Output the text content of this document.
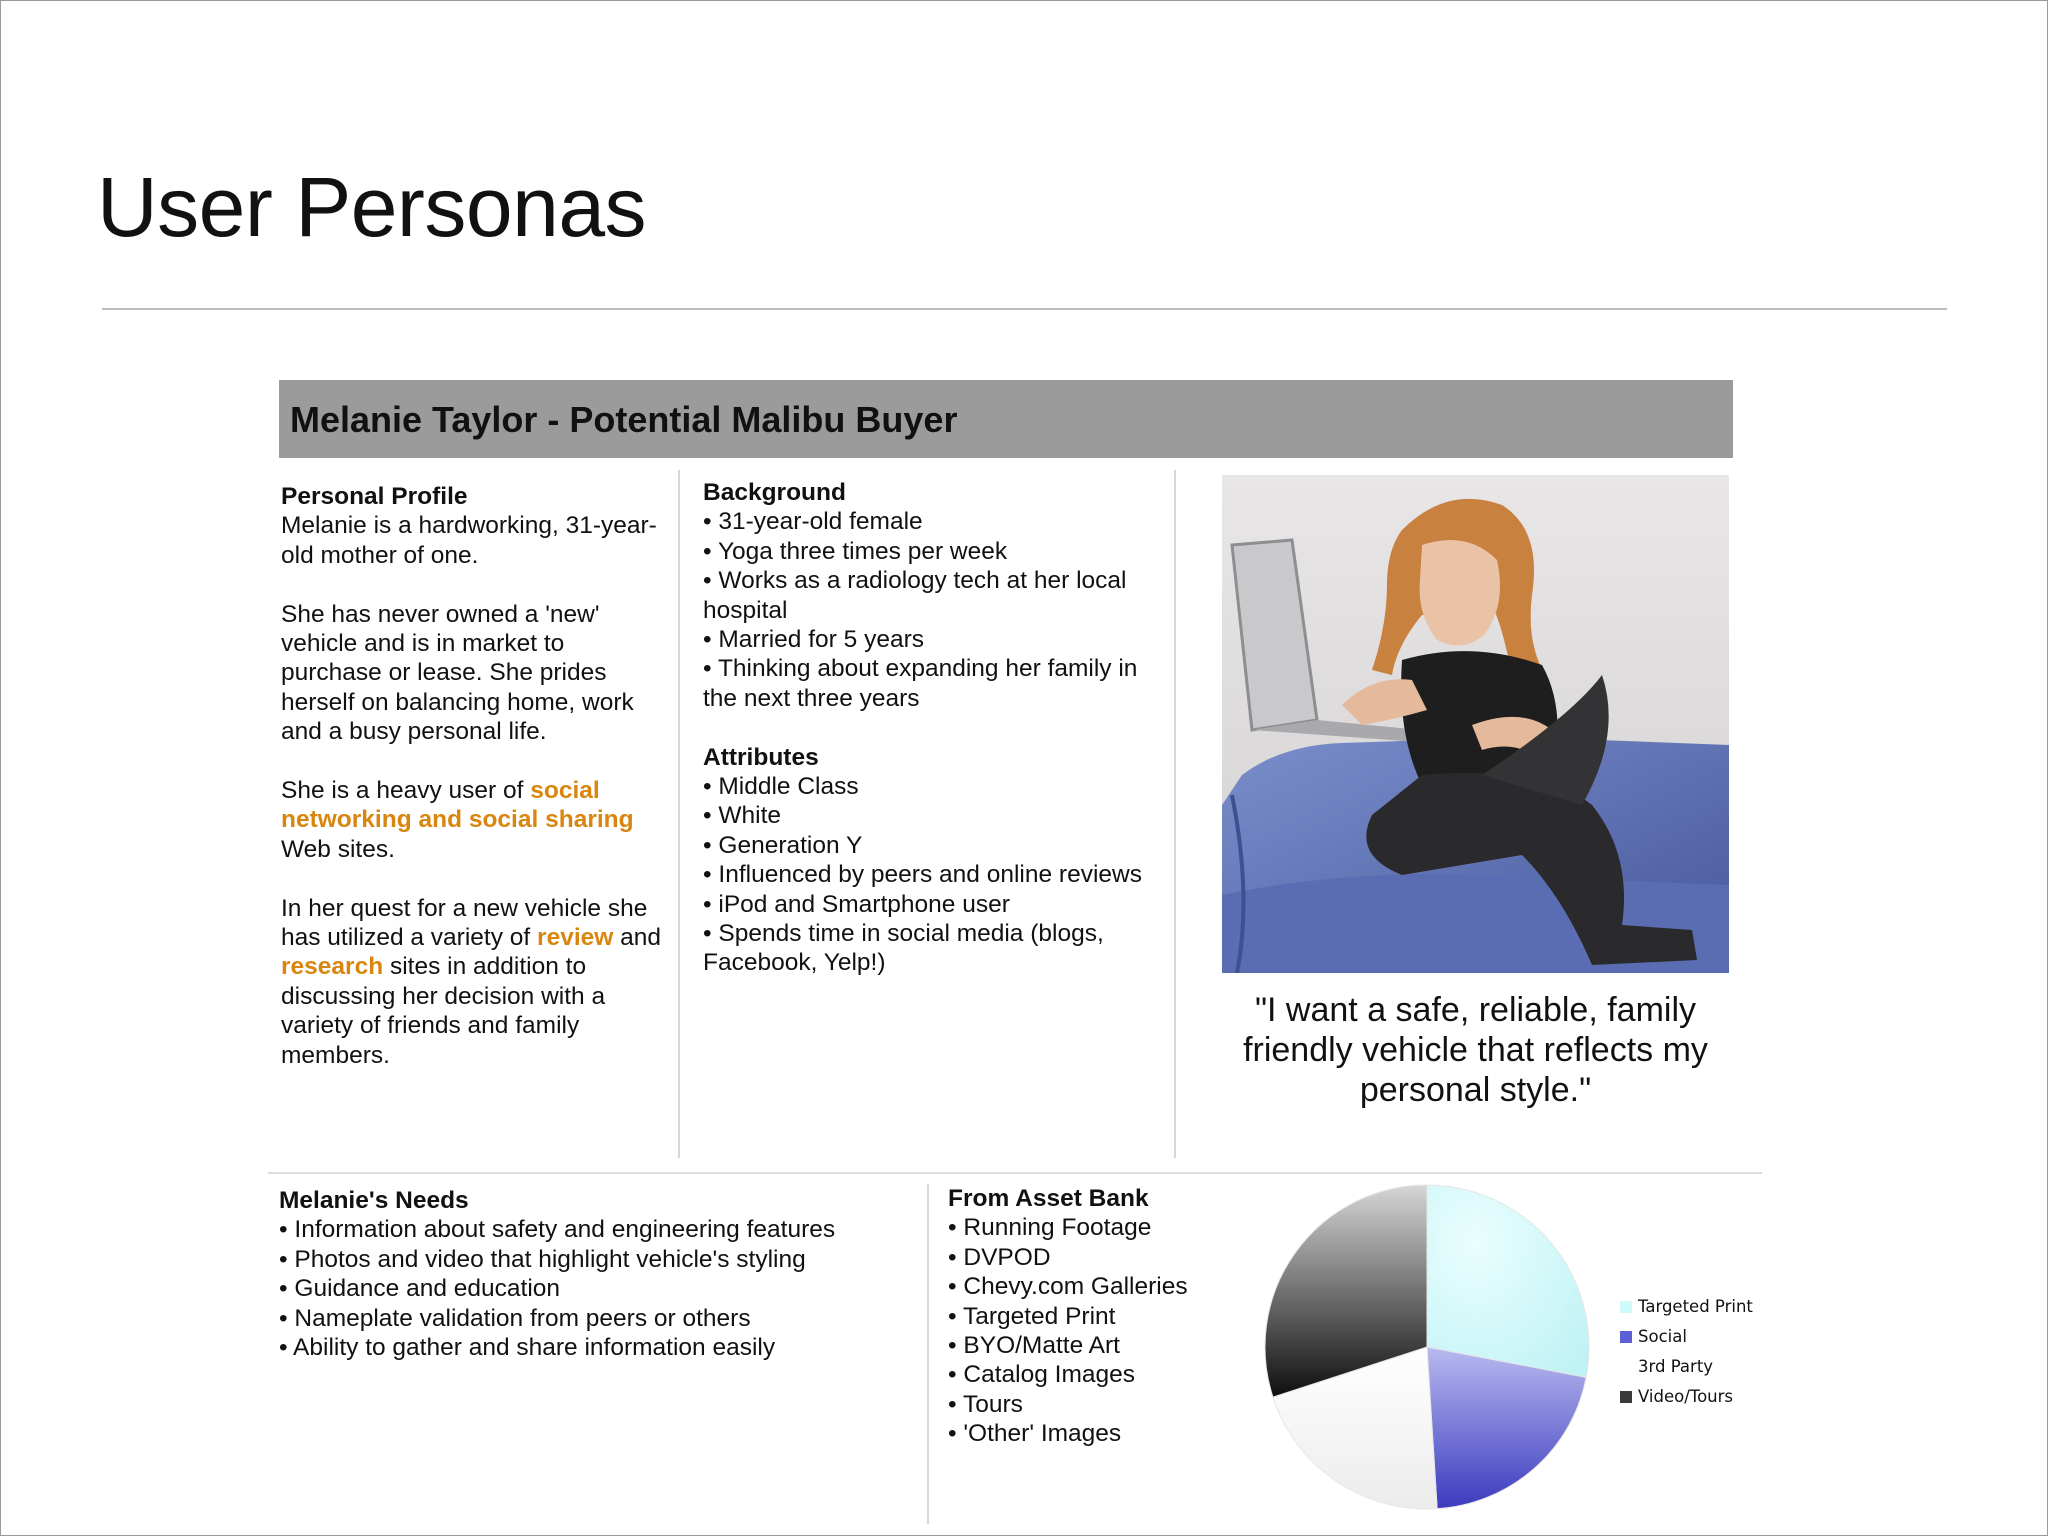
User Personas
Melanie Taylor - Potential Malibu Buyer
Personal Profile

Melanie is a hardworking, 31-year-old mother of one.

She has never owned a 'new' vehicle and is in market to purchase or lease. She prides herself on balancing home, work and a busy personal life.

She is a heavy user of social networking and social sharing Web sites.

In her quest for a new vehicle she has utilized a variety of review and research sites in addition to discussing her decision with a variety of friends and family members.

Background
• 31-year-old female
• Yoga three times per week
• Works as a radiology tech at her local hospital
• Married for 5 years
• Thinking about expanding her family in the next three years
Attributes
• Middle Class
• White
• Generation Y
• Influenced by peers and online reviews
• iPod and Smartphone user
• Spends time in social media (blogs, Facebook, Yelp!)
"I want a safe, reliable, family friendly vehicle that reflects my personal style."
Melanie's Needs
• Information about safety and engineering features
• Photos and video that highlight vehicle's styling
• Guidance and education
• Nameplate validation from peers or others
• Ability to gather and share information easily
From Asset Bank
• Running Footage
• DVPOD
• Chevy.com Galleries
• Targeted Print
• BYO/Matte Art
• Catalog Images
• Tours
• 'Other' Images
Targeted Print
Social
3rd Party
Video/Tours
